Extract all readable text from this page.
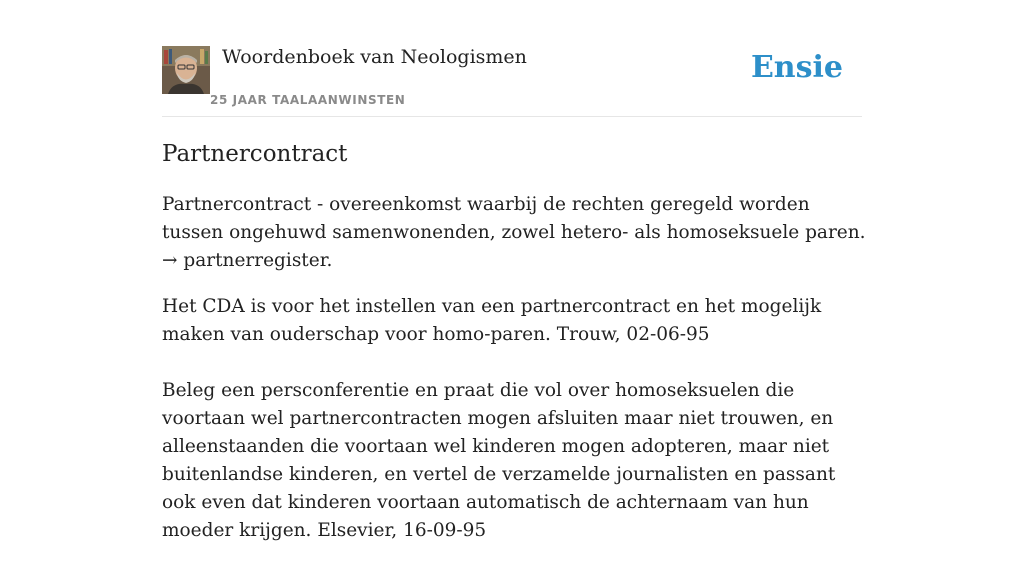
Woordenboek van Neologismen
25 JAAR TAALAANWINSTEN
Ensie
Partnercontract

Partnercontract - overeenkomst waarbij de rechten geregeld worden tussen ongehuwd samenwonenden, zowel hetero- als homoseksuele paren. → partnerregister.

Het CDA is voor het instellen van een partnercontract en het mogelijk maken van ouderschap voor homo-paren. Trouw, 02-06-95

Beleg een persconferentie en praat die vol over homoseksuelen die voortaan wel partnercontracten mogen afsluiten maar niet trouwen, en alleenstaanden die voortaan wel kinderen mogen adopteren, maar niet buitenlandse kinderen, en vertel de verzamelde journalisten en passant ook even dat kinderen voortaan automatisch de achternaam van hun moeder krijgen. Elsevier, 16-09-95
